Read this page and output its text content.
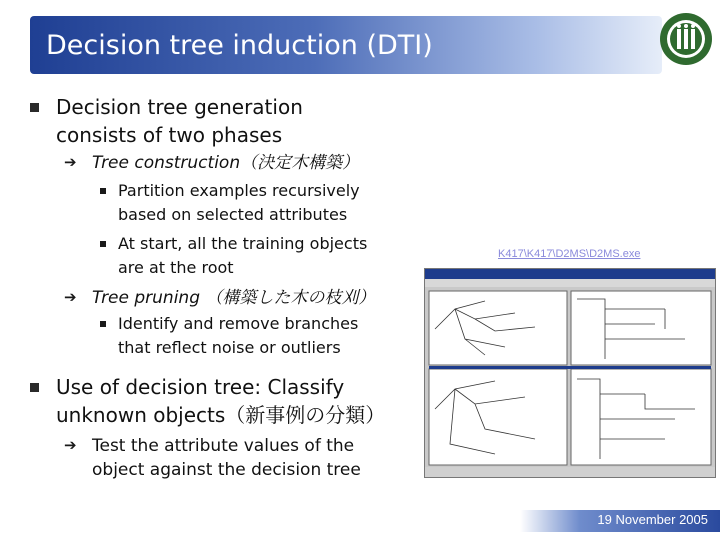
Decision tree induction (DTI)
Decision tree generation
consists of two phases
➔ Tree construction（決定木構築）
Partition examples recursively
based on selected attributes
At start, all the training objects
are at the root
➔ Tree pruning （構築した木の枝刈）
Identify and remove branches
that reflect noise or outliers
Use of decision tree: Classify
unknown objects（新事例の分類）
➔ Test the attribute values of the
object against the decision tree
K417\K417\D2MS\D2MS.exe
19 November 2005
